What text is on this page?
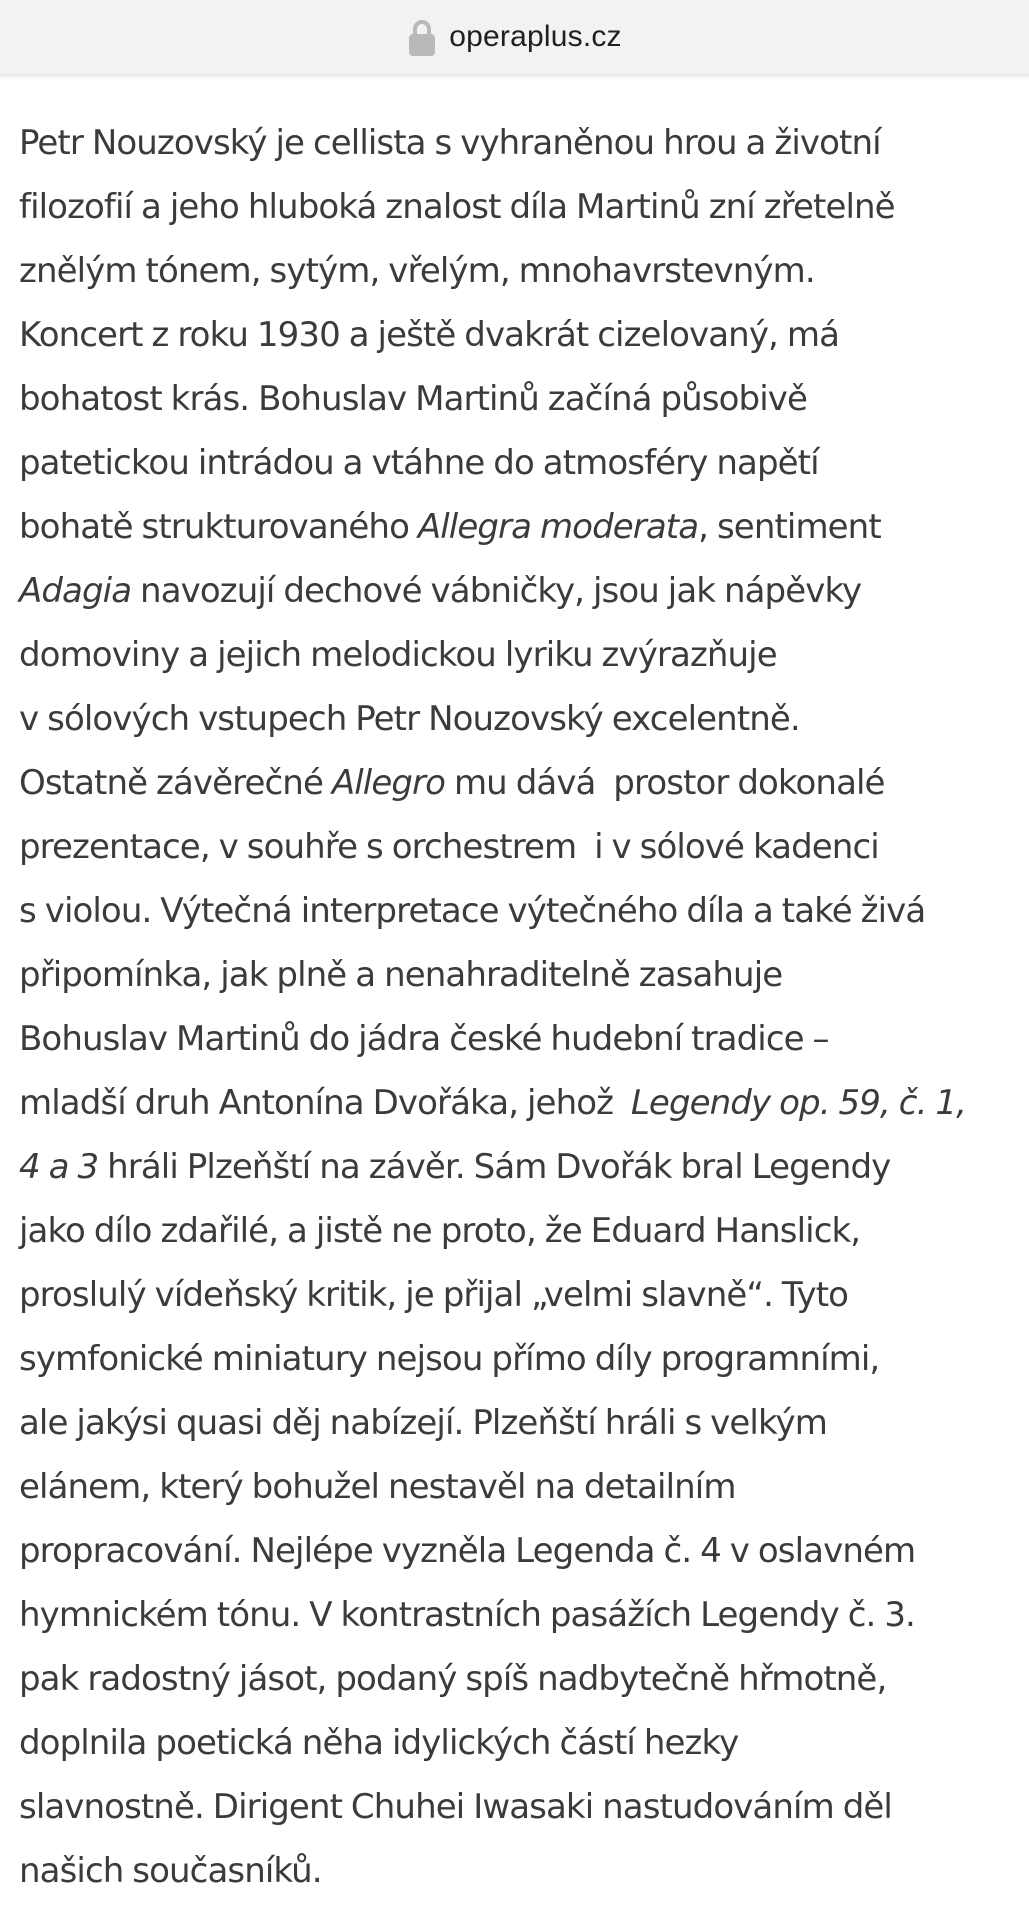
operaplus.cz
Petr Nouzovský je cellista s vyhraněnou hrou a životní
filozofií a jeho hluboká znalost díla Martinů zní zřetelně
znělým tónem, sytým, vřelým, mnohavrstevným.
Koncert z roku 1930 a ještě dvakrát cizelovaný, má
bohatost krás. Bohuslav Martinů začíná působivě
patetickou intrádou a vtáhne do atmosféry napětí
bohatě strukturovaného Allegra moderata, sentiment
Adagia navozují dechové vábničky, jsou jak nápěvky
domoviny a jejich melodickou lyriku zvýrazňuje
v sólových vstupech Petr Nouzovský excelentně.
Ostatně závěrečné Allegro mu dává  prostor dokonalé
prezentace, v souhře s orchestrem  i v sólové kadenci
s violou. Výtečná interpretace výtečného díla a také živá
připomínka, jak plně a nenahraditelně zasahuje
Bohuslav Martinů do jádra české hudební tradice –
mladší druh Antonína Dvořáka, jehož  Legendy op. 59, č. 1,
4 a 3 hráli Plzeňští na závěr. Sám Dvořák bral Legendy
jako dílo zdařilé, a jistě ne proto, že Eduard Hanslick,
proslulý vídeňský kritik, je přijal „velmi slavně“. Tyto
symfonické miniatury nejsou přímo díly programními,
ale jakýsi quasi děj nabízejí. Plzeňští hráli s velkým
elánem, který bohužel nestavěl na detailním
propracování. Nejlépe vyzněla Legenda č. 4 v oslavném
hymnickém tónu. V kontrastních pasážích Legendy č. 3.
pak radostný jásot, podaný spíš nadbytečně hřmotně,
doplnila poetická něha idylických částí hezky
slavnostně. Dirigent Chuhei Iwasaki nastudováním děl
našich současníků.
